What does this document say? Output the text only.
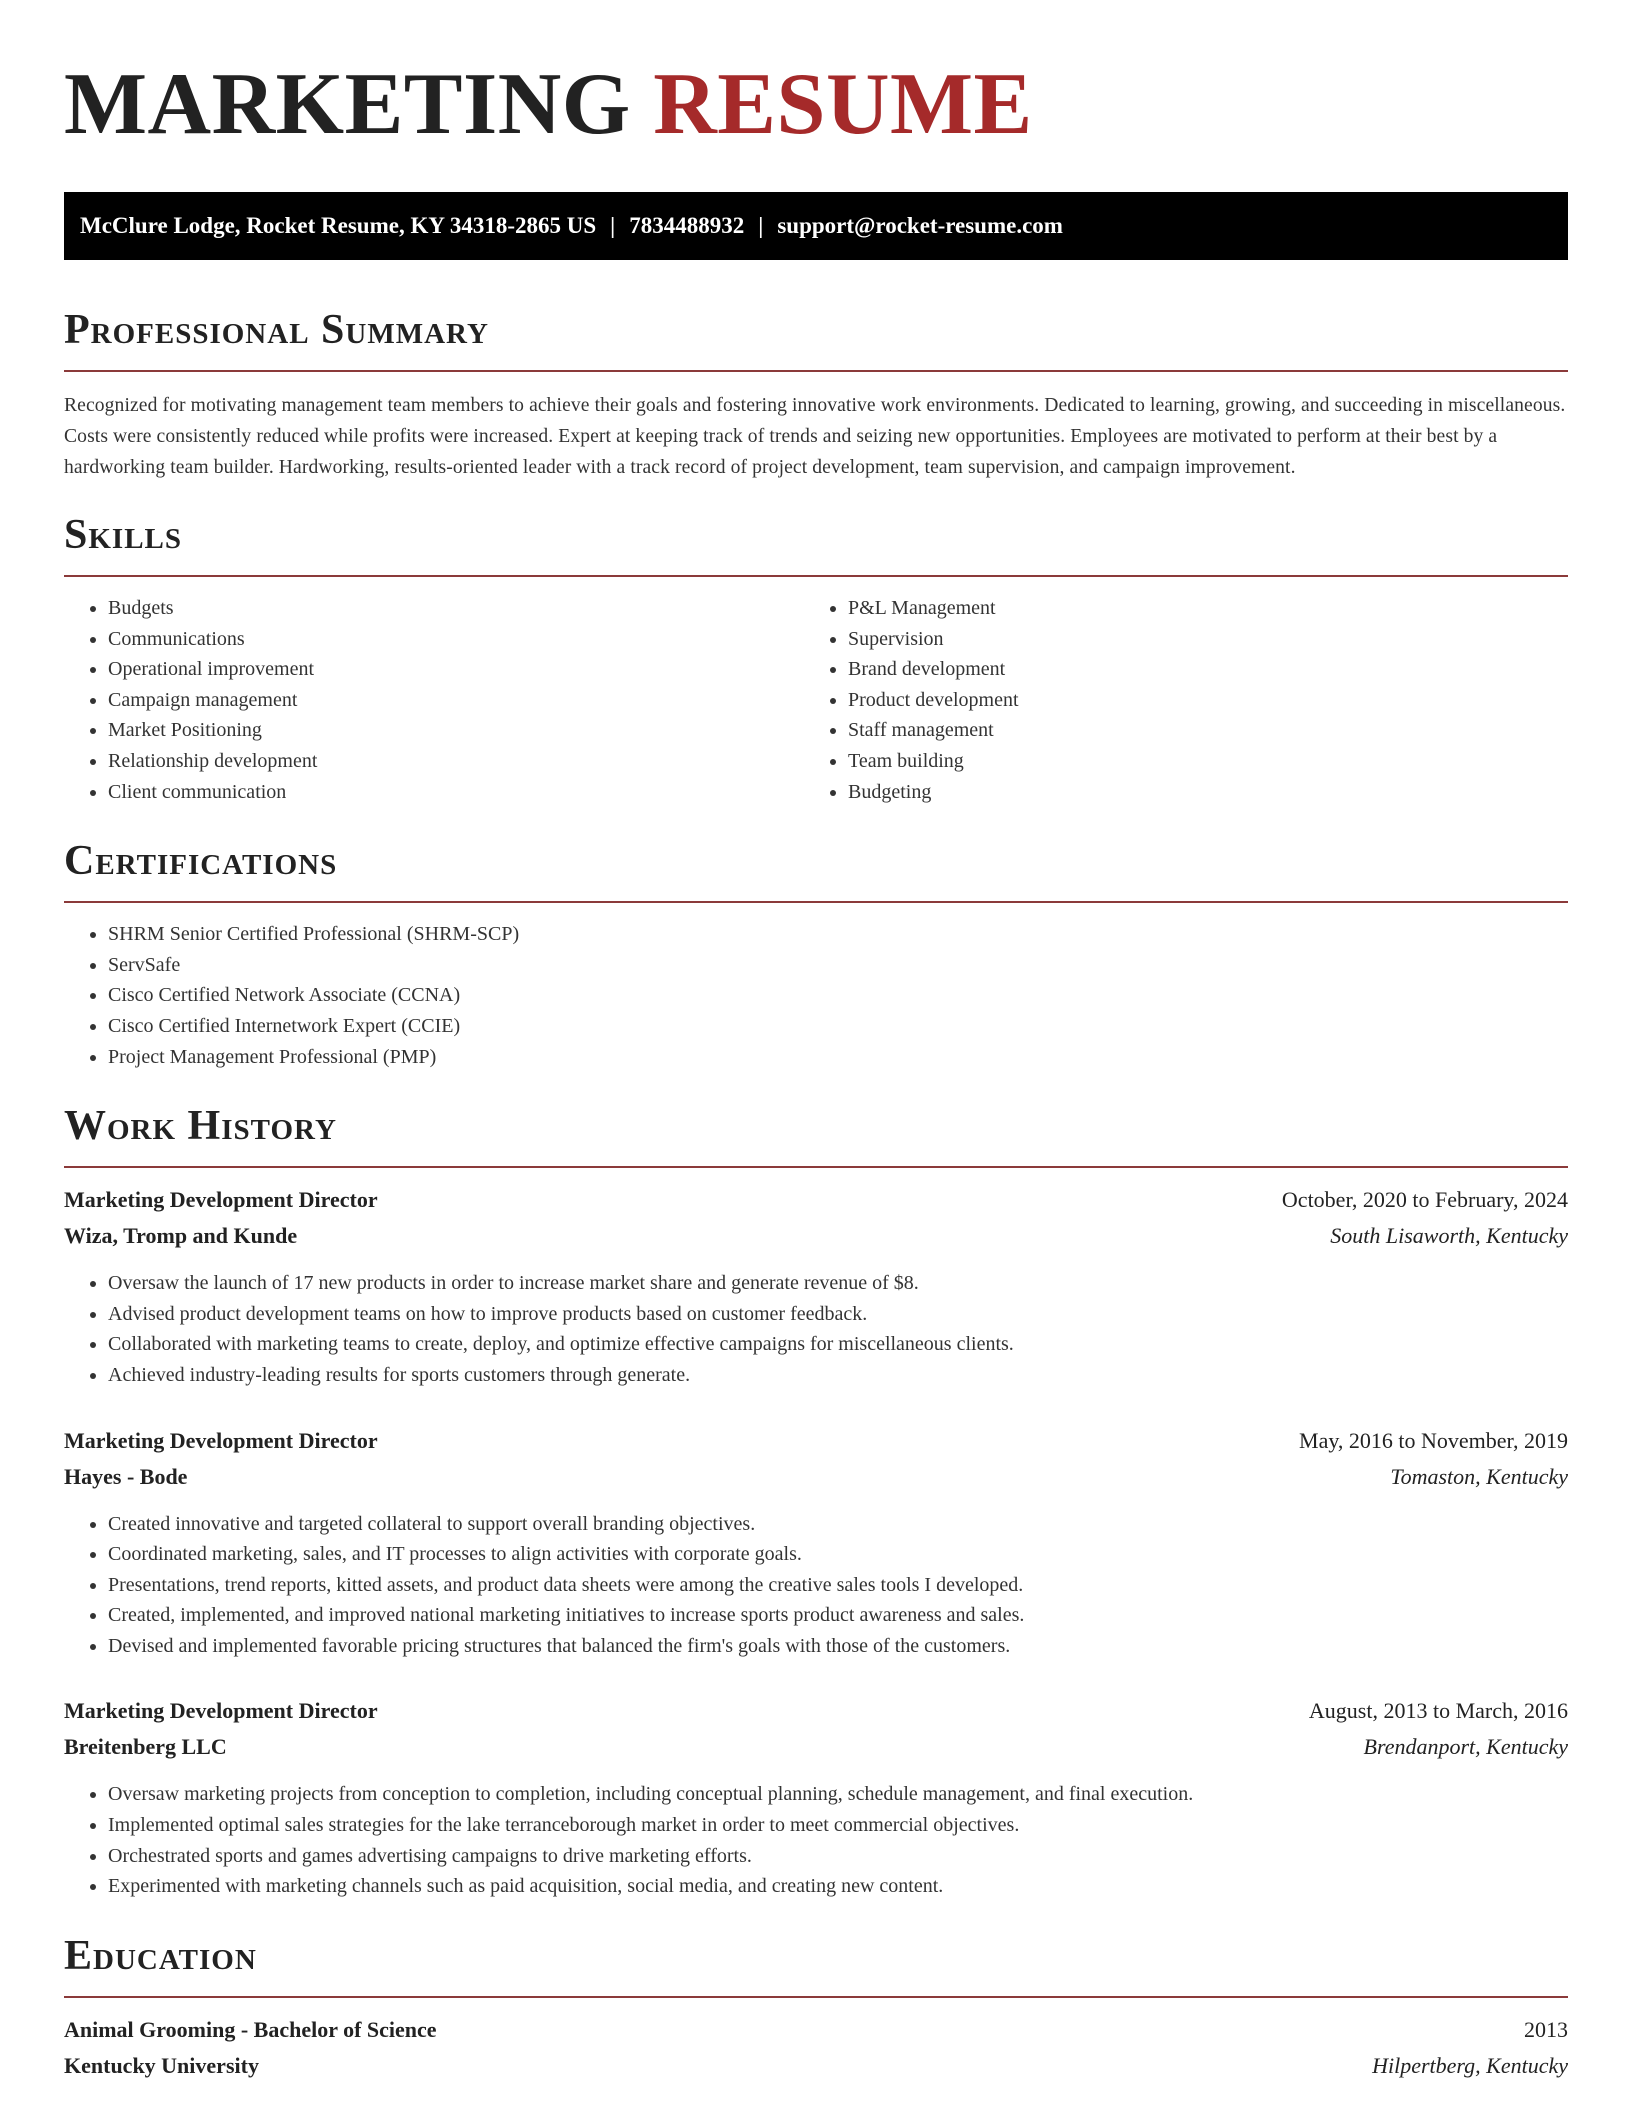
MARKETING RESUME
McClure Lodge, Rocket Resume, KY 34318-2865 US | 7834488932 | support@rocket-resume.com
Professional Summary

Recognized for motivating management team members to achieve their goals and fostering innovative work environments. Dedicated to learning, growing, and succeeding in miscellaneous. Costs were consistently reduced while profits were increased. Expert at keeping track of trends and seizing new opportunities. Employees are motivated to perform at their best by a hardworking team builder. Hardworking, results-oriented leader with a track record of project development, team supervision, and campaign improvement.

Skills
• Budgets
• Communications
• Operational improvement
• Campaign management
• Market Positioning
• Relationship development
• Client communication
• P&L Management
• Supervision
• Brand development
• Product development
• Staff management
• Team building
• Budgeting
Certifications
• SHRM Senior Certified Professional (SHRM-SCP)
• ServSafe
• Cisco Certified Network Associate (CCNA)
• Cisco Certified Internetwork Expert (CCIE)
• Project Management Professional (PMP)
Work History
Marketing Development Director	October, 2020 to February, 2024
Wiza, Tromp and Kunde	South Lisaworth, Kentucky
• Oversaw the launch of 17 new products in order to increase market share and generate revenue of $8.
• Advised product development teams on how to improve products based on customer feedback.
• Collaborated with marketing teams to create, deploy, and optimize effective campaigns for miscellaneous clients.
• Achieved industry-leading results for sports customers through generate.
Marketing Development Director	May, 2016 to November, 2019
Hayes - Bode	Tomaston, Kentucky
• Created innovative and targeted collateral to support overall branding objectives.
• Coordinated marketing, sales, and IT processes to align activities with corporate goals.
• Presentations, trend reports, kitted assets, and product data sheets were among the creative sales tools I developed.
• Created, implemented, and improved national marketing initiatives to increase sports product awareness and sales.
• Devised and implemented favorable pricing structures that balanced the firm's goals with those of the customers.
Marketing Development Director	August, 2013 to March, 2016
Breitenberg LLC	Brendanport, Kentucky
• Oversaw marketing projects from conception to completion, including conceptual planning, schedule management, and final execution.
• Implemented optimal sales strategies for the lake terranceborough market in order to meet commercial objectives.
• Orchestrated sports and games advertising campaigns to drive marketing efforts.
• Experimented with marketing channels such as paid acquisition, social media, and creating new content.
Education
Animal Grooming - Bachelor of Science	2013
Kentucky University	Hilpertberg, Kentucky
